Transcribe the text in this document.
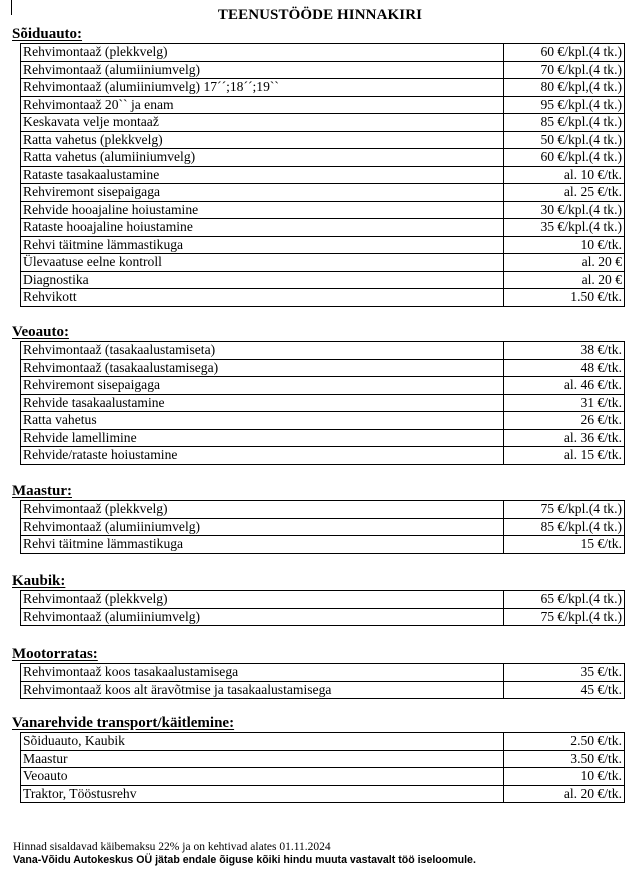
TEENUSTÖÖDE HINNAKIRI
Sõiduauto:
Rehvimontaaž (plekkvelg)	60 €/kpl.(4 tk.)
Rehvimontaaž (alumiiniumvelg)	70 €/kpl.(4 tk.)
Rehvimontaaž (alumiiniumvelg) 17´´;18´´;19``	80 €/kpl,(4 tk.)
Rehvimontaaž 20`` ja enam	95 €/kpl.(4 tk.)
Keskavata velje montaaž	85 €/kpl.(4 tk.)
Ratta vahetus (plekkvelg)	50 €/kpl.(4 tk.)
Ratta vahetus (alumiiniumvelg)	60 €/kpl.(4 tk.)
Rataste tasakaalustamine	al. 10 €/tk.
Rehviremont sisepaigaga	al. 25 €/tk.
Rehvide hooajaline hoiustamine	30 €/kpl.(4 tk.)
Rataste hooajaline hoiustamine	35 €/kpl.(4 tk.)
Rehvi täitmine lämmastikuga	10 €/tk.
Ülevaatuse eelne kontroll	al. 20 €
Diagnostika	al. 20 €
Rehvikott	1.50 €/tk.
Veoauto:
Rehvimontaaž (tasakaalustamiseta)	38 €/tk.
Rehvimontaaž (tasakaalustamisega)	48 €/tk.
Rehviremont sisepaigaga	al. 46 €/tk.
Rehvide tasakaalustamine	31 €/tk.
Ratta vahetus	26 €/tk.
Rehvide lamellimine	al. 36 €/tk.
Rehvide/rataste hoiustamine	al. 15 €/tk.
Maastur:
Rehvimontaaž (plekkvelg)	75 €/kpl.(4 tk.)
Rehvimontaaž (alumiiniumvelg)	85 €/kpl.(4 tk.)
Rehvi täitmine lämmastikuga	15 €/tk.
Kaubik:
Rehvimontaaž (plekkvelg)	65 €/kpl.(4 tk.)
Rehvimontaaž (alumiiniumvelg)	75 €/kpl.(4 tk.)
Mootorratas:
Rehvimontaaž koos tasakaalustamisega	35 €/tk.
Rehvimontaaž koos alt äravõtmise ja tasakaalustamisega	45 €/tk.
Vanarehvide transport/käitlemine:
Sõiduauto, Kaubik	2.50 €/tk.
Maastur	3.50 €/tk.
Veoauto	10 €/tk.
Traktor, Tööstusrehv	al. 20 €/tk.
Hinnad sisaldavad käibemaksu 22% ja on kehtivad alates 01.11.2024
Vana-Võidu Autokeskus OÜ jätab endale õiguse kõiki hindu muuta vastavalt töö iseloomule.
